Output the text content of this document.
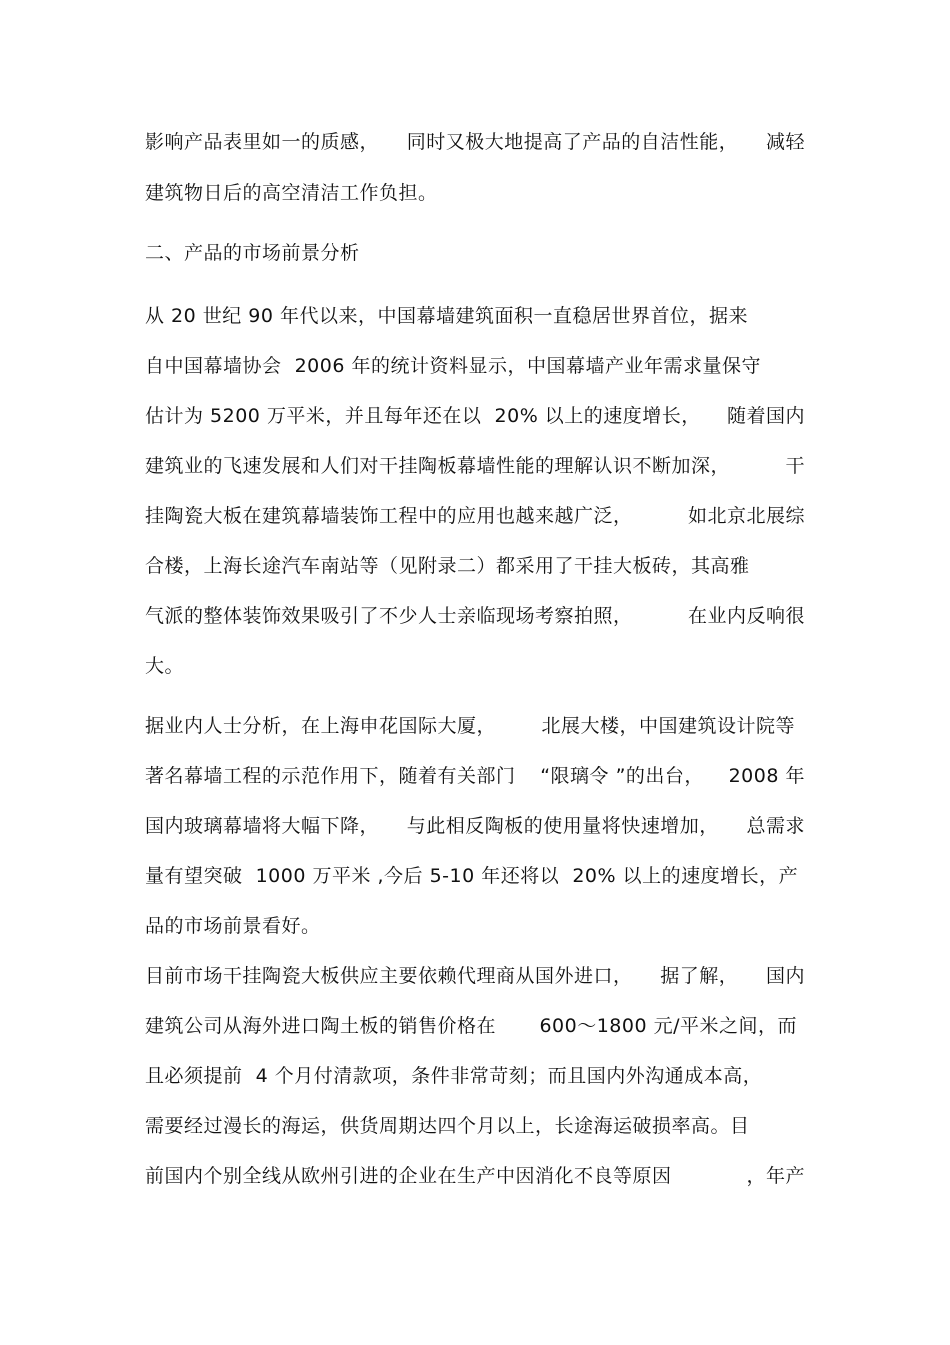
影响产品表里如一的质感， 同时又极大地提高了产品的自洁性能， 减轻
建筑物日后的高空清洁工作负担。
二、产品的市场前景分析
从 20 世纪 90 年代以来，中国幕墙建筑面积一直稳居世界首位，据来
自中国幕墙协会  2006 年的统计资料显示，中国幕墙产业年需求量保守
估计为 5200 万平米，并且每年还在以  20% 以上的速度增长， 随着国内
建筑业的飞速发展和人们对干挂陶板幕墙性能的理解认识不断加深，	干
挂陶瓷大板在建筑幕墙装饰工程中的应用也越来越广泛，	如北京北展综
合楼，上海长途汽车南站等（见附录二）都采用了干挂大板砖，其高雅
气派的整体装饰效果吸引了不少人士亲临现场考察拍照，	在业内反响很
大。
据业内人士分析，在上海申花国际大厦， 北展大楼，中国建筑设计院等
著名幕墙工程的示范作用下，随着有关部门 “限璃令 ”的出台， 2008 年
国内玻璃幕墙将大幅下降， 与此相反陶板的使用量将快速增加， 总需求
量有望突破  1000 万平米 ,今后 5-10 年还将以  20% 以上的速度增长，产
品的市场前景看好。
目前市场干挂陶瓷大板供应主要依赖代理商从国外进口， 据了解， 国内
建筑公司从海外进口陶土板的销售价格在 600～1800 元/平米之间，而
且必须提前  4 个月付清款项，条件非常苛刻；而且国内外沟通成本高，
需要经过漫长的海运，供货周期达四个月以上，长途海运破损率高。目
前国内个别全线从欧州引进的企业在生产中因消化不良等原因	，年产
